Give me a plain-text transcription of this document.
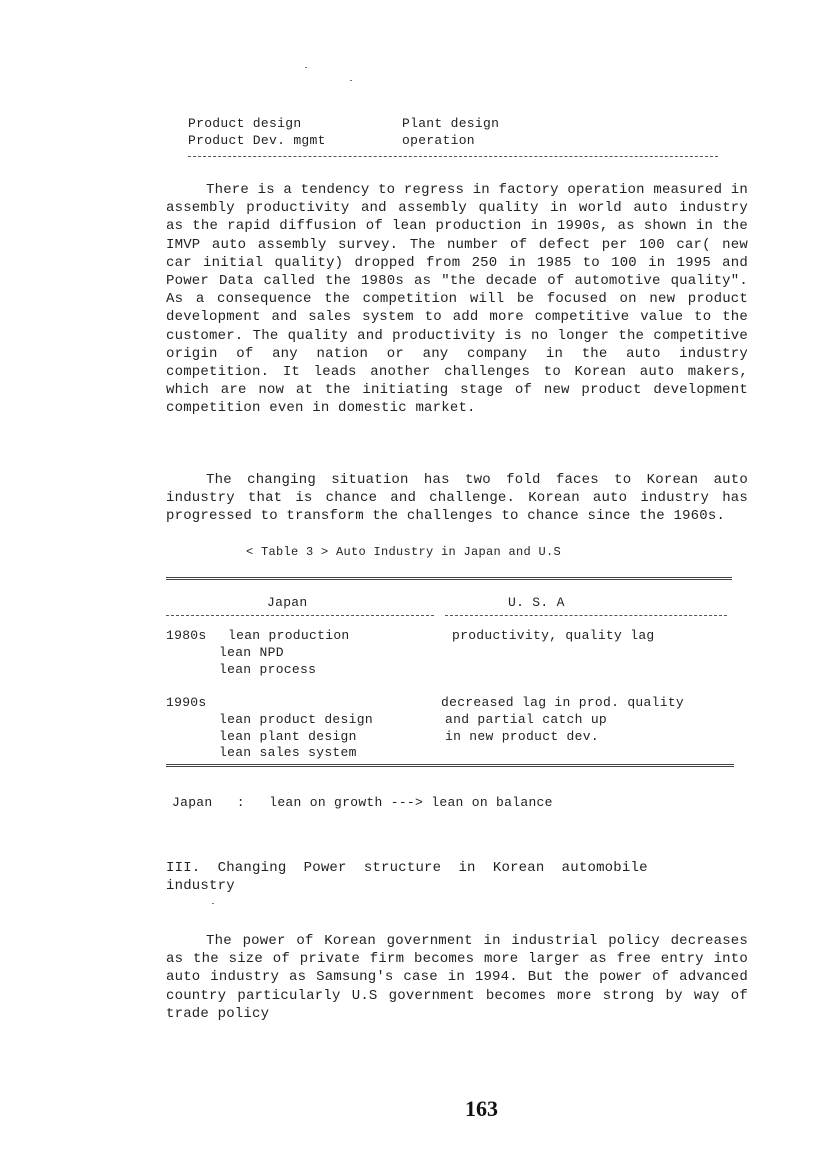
Product design
Product Dev. mgmt
Plant design
operation
There is a tendency to regress in factory operation measured in assembly productivity and assembly quality in world auto industry as the rapid diffusion of lean production in 1990s, as shown in the IMVP auto assembly survey. The number of defect per 100 car( new car initial quality) dropped from 250 in 1985 to 100 in 1995 and Power Data called the 1980s as "the decade of automotive quality". As a consequence the competition will be focused on new product development and sales system to add more competitive value to the customer. The quality and productivity is no longer the competitive origin of any nation or any company in the auto industry competition. It leads another challenges to Korean auto makers, which are now at the initiating stage of new product development competition even in domestic market.
The changing situation has two fold faces to Korean auto industry that is chance and challenge. Korean auto industry has progressed to transform the challenges to chance since the 1960s.
< Table 3 > Auto Industry in Japan and U.S
Japan	U. S. A
1980s lean production
lean NPD
lean process
productivity, quality lag
1990s
lean product design
lean plant design
lean sales system
decreased lag in prod. quality
and partial catch up
in new product dev.
Japan   :   lean on growth ---> lean on balance
III.  Changing  Power  structure  in  Korean  automobile
industry
The power of Korean government in industrial policy decreases as the size of private firm becomes more larger as free entry into auto industry as Samsung's case in 1994. But the power of advanced country particularly U.S government becomes more strong by way of trade policy
163
